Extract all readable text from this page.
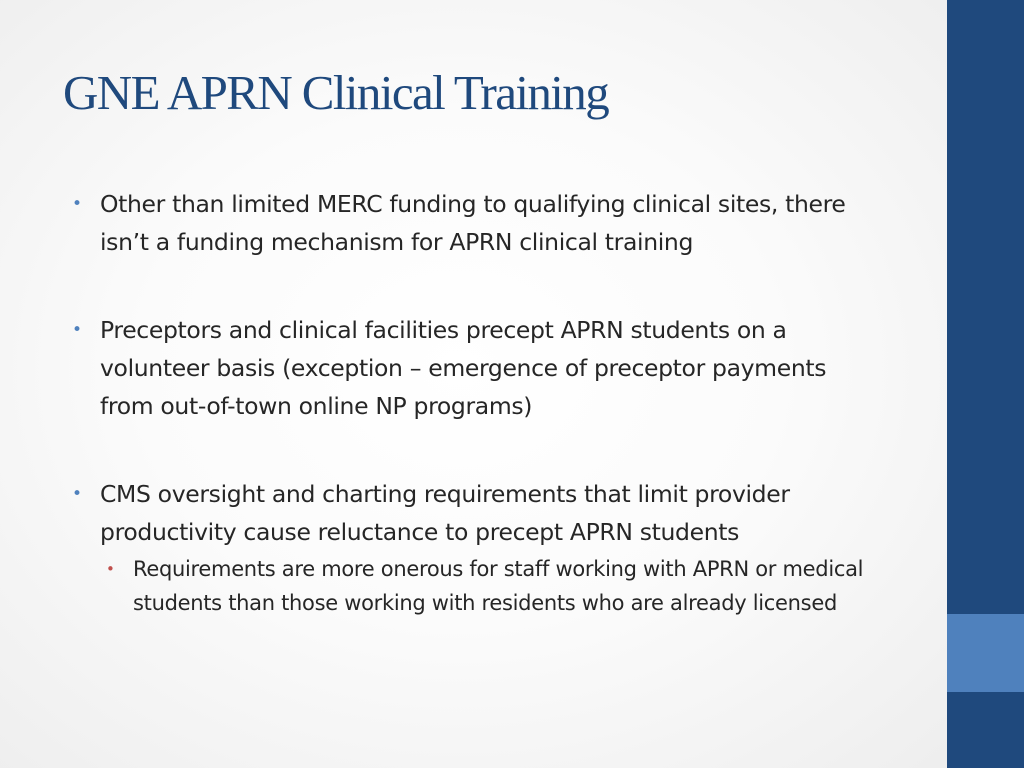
GNE APRN Clinical Training
• Other than limited MERC funding to qualifying clinical sites, there isn’t a funding mechanism for APRN clinical training
• Preceptors and clinical facilities precept APRN students on a volunteer basis (exception – emergence of preceptor payments from out-of-town online NP programs)
• CMS oversight and charting requirements that limit provider productivity cause reluctance to precept APRN students
• Requirements are more onerous for staff working with APRN or medical students than those working with residents who are already licensed
